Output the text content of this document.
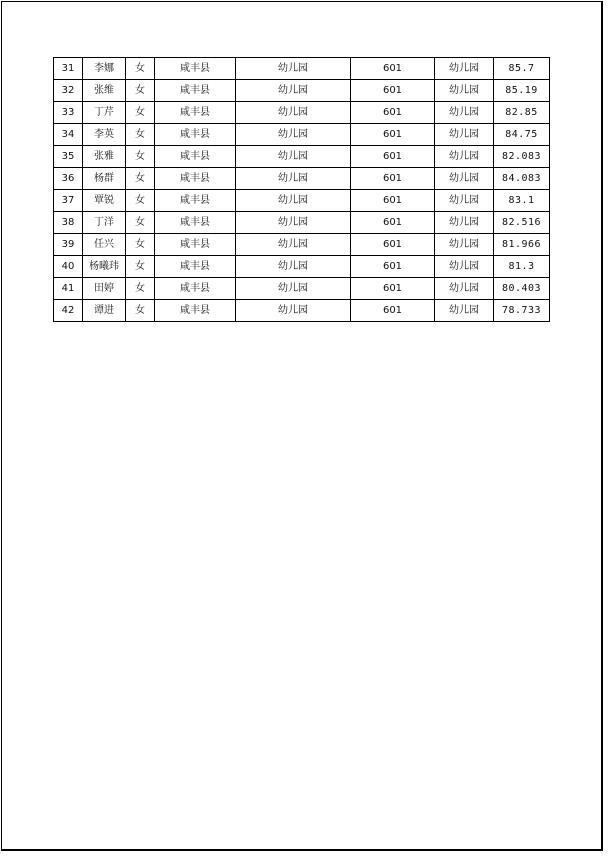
31	李娜	女	咸丰县	幼儿园	601	幼儿园	85.7
32	张维	女	咸丰县	幼儿园	601	幼儿园	85.19
33	丁芹	女	咸丰县	幼儿园	601	幼儿园	82.85
34	李英	女	咸丰县	幼儿园	601	幼儿园	84.75
35	张雅	女	咸丰县	幼儿园	601	幼儿园	82.083
36	杨群	女	咸丰县	幼儿园	601	幼儿园	84.083
37	覃锐	女	咸丰县	幼儿园	601	幼儿园	83.1
38	丁洋	女	咸丰县	幼儿园	601	幼儿园	82.516
39	任兴	女	咸丰县	幼儿园	601	幼儿园	81.966
40	杨曦玮	女	咸丰县	幼儿园	601	幼儿园	81.3
41	田婷	女	咸丰县	幼儿园	601	幼儿园	80.403
42	谭进	女	咸丰县	幼儿园	601	幼儿园	78.733
